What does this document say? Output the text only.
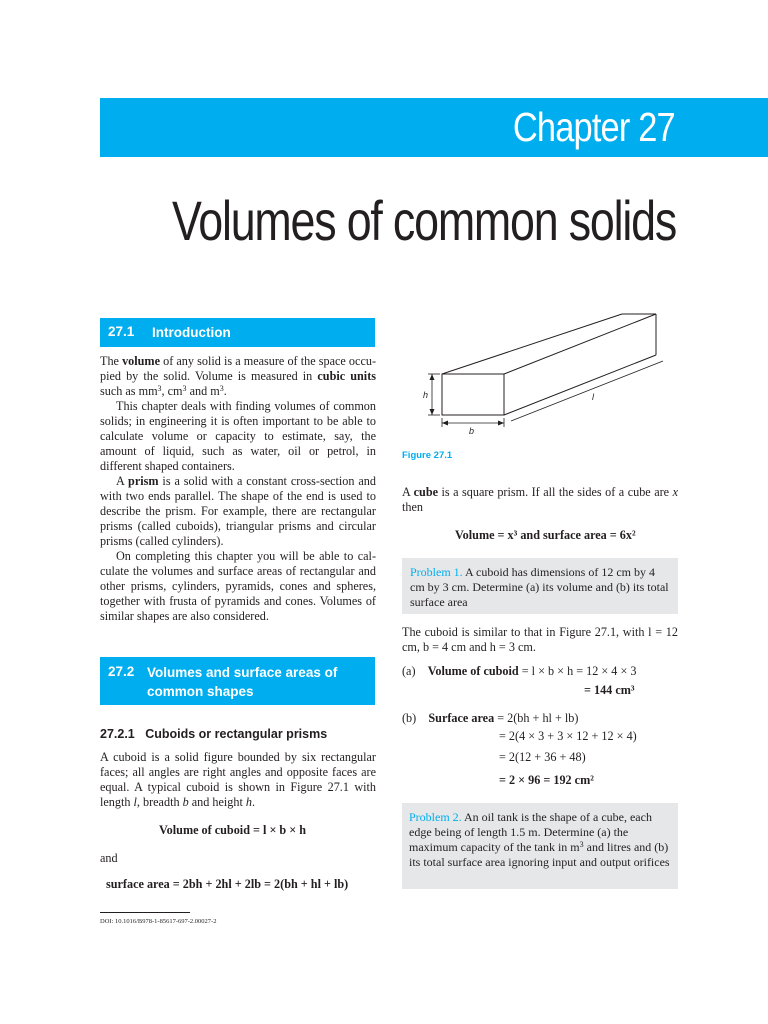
Chapter 27
Volumes of common solids
27.1 Introduction

The volume of any solid is a measure of the space occu-pied by the solid. Volume is measured in cubic units such as $mm^3$, $cm^3$ and $m^3$.

This chapter deals with finding volumes of common solids; in engineering it is often important to be able to calculate volume or capacity to estimate, say, the amount of liquid, such as water, oil or petrol, in different shaped containers.

A prism is a solid with a constant cross-section and with two ends parallel. The shape of the end is used to describe the prism. For example, there are rectangular prisms (called cuboids), triangular prisms and circular prisms (called cylinders).

On completing this chapter you will be able to cal-culate the volumes and surface areas of rectangular and other prisms, cylinders, pyramids, cones and spheres, together with frusta of pyramids and cones. Volumes of similar shapes are also considered.

27.2 Volumes and surface areas of
common shapes
27.2.1 Cuboids or rectangular prisms

A cuboid is a solid figure bounded by six rectangular faces; all angles are right angles and opposite faces are equal. A typical cuboid is shown in Figure 27.1 with length l, breadth b and height h.

Volume of cuboid = l × b × h
and
surface area = 2bh + 2hl + 2lb = 2(bh + hl + lb)
DOI: 10.1016/B978-1-85617-697-2.00027-2
h
b
l
Figure 27.1

A cube is a square prism. If all the sides of a cube are x then

Volume = x³ and surface area = 6x²
Problem 1. A cuboid has dimensions of 12 cm by 4 cm by 3 cm. Determine (a) its volume and (b) its total surface area

The cuboid is similar to that in Figure 27.1, with l = 12 cm, b = 4 cm and h = 3 cm.

(a) Volume of cuboid = l × b × h = 12 × 4 × 3
= 144 cm³
(b) Surface area = 2(bh + hl + lb)
= 2(4 × 3 + 3 × 12 + 12 × 4)
= 2(12 + 36 + 48)
= 2 × 96 = 192 cm²
Problem 2. An oil tank is the shape of a cube, each edge being of length 1.5 m. Determine (a) the maximum capacity of the tank in $m^3$ and litres and (b) its total surface area ignoring input and output orifices
